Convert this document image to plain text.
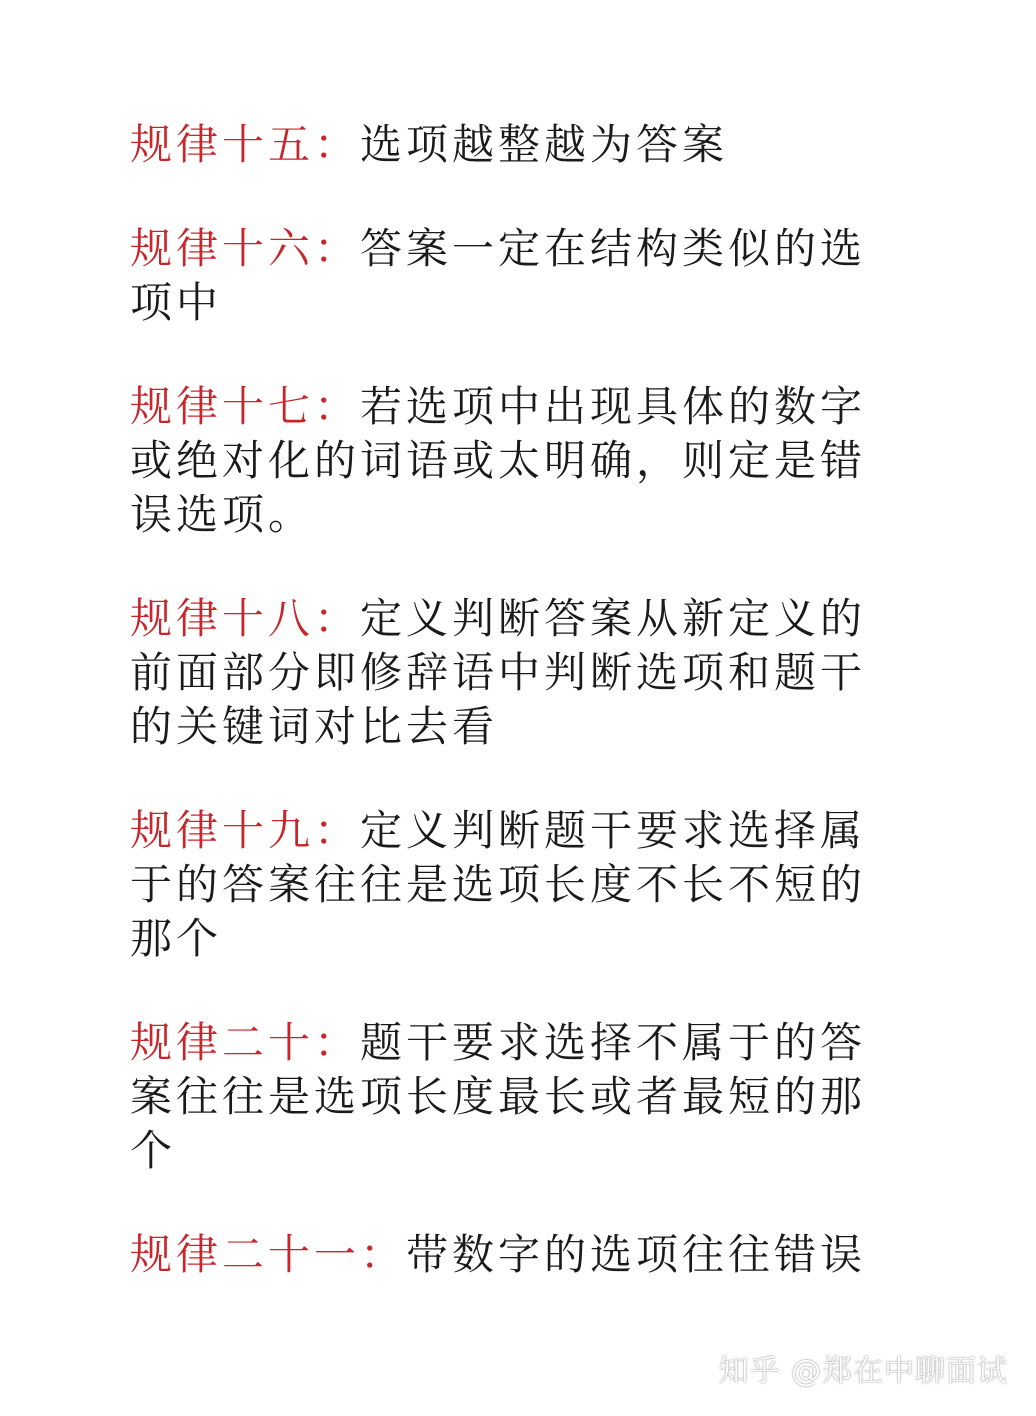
规律十五：选项越整越为答案
规律十六：答案一定在结构类似的选项中
规律十七：若选项中出现具体的数字或绝对化的词语或太明确，则定是错误选项。
规律十八：定义判断答案从新定义的前面部分即修辞语中判断选项和题干的关键词对比去看
规律十九：定义判断题干要求选择属于的答案往往是选项长度不长不短的那个
规律二十：题干要求选择不属于的答案往往是选项长度最长或者最短的那个
规律二十一：带数字的选项往往错误
知乎 @郑在中聊面试
